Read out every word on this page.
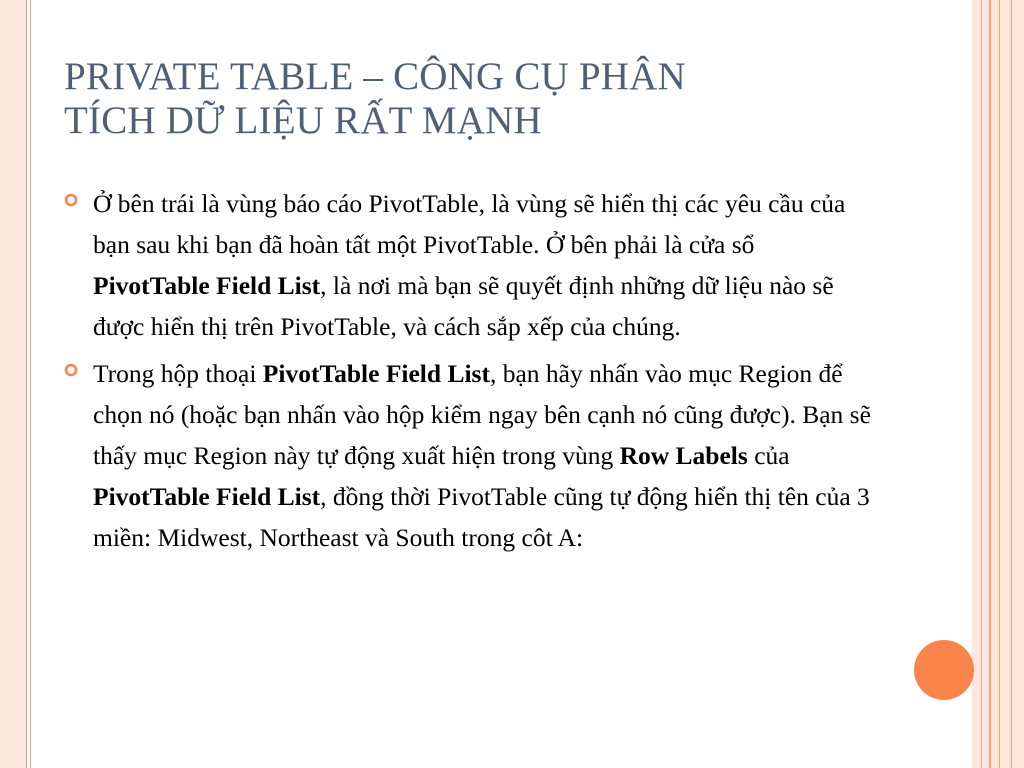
PRIVATE TABLE – CÔNG CỤ PHÂN
TÍCH DỮ LIỆU RẤT MẠNH

Ở bên trái là vùng báo cáo PivotTable, là vùng sẽ hiển thị các yêu cầu của bạn sau khi bạn đã hoàn tất một PivotTable. Ở bên phải là cửa sổ PivotTable Field List, là nơi mà bạn sẽ quyết định những dữ liệu nào sẽ được hiển thị trên PivotTable, và cách sắp xếp của chúng.

Trong hộp thoại PivotTable Field List, bạn hãy nhấn vào mục Region để chọn nó (hoặc bạn nhấn vào hộp kiểm ngay bên cạnh nó cũng được). Bạn sẽ thấy mục Region này tự động xuất hiện trong vùng Row Labels của PivotTable Field List, đồng thời PivotTable cũng tự động hiển thị tên của 3 miền: Midwest, Northeast và South trong côt A:
